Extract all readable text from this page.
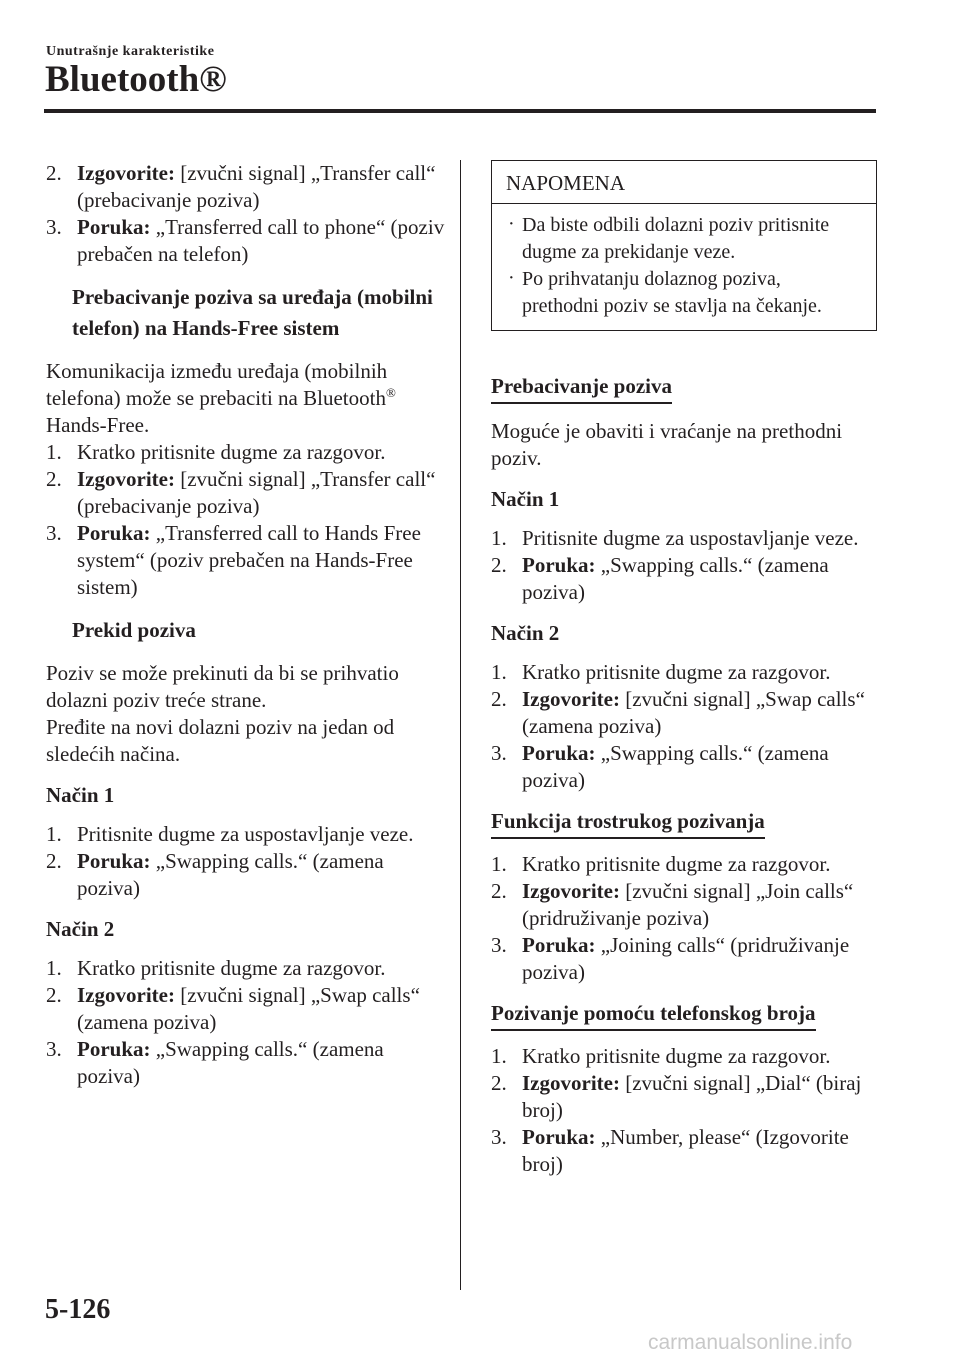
Unutrašnje karakteristike
Bluetooth®
2. Izgovorite: [zvučni signal] „Transfer call“ (prebacivanje poziva)
3. Poruka: „Transferred call to phone“ (poziv prebačen na telefon)
Prebacivanje poziva sa uređaja (mobilni telefon) na Hands-Free sistem
Komunikacija između uređaja (mobilnih telefona) može se prebaciti na Bluetooth® Hands-Free.
1. Kratko pritisnite dugme za razgovor.
2. Izgovorite: [zvučni signal] „Transfer call“ (prebacivanje poziva)
3. Poruka: „Transferred call to Hands Free system“ (poziv prebačen na Hands-Free sistem)
Prekid poziva
Poziv se može prekinuti da bi se prihvatio dolazni poziv treće strane.
Pređite na novi dolazni poziv na jedan od sledećih načina.
Način 1
1. Pritisnite dugme za uspostavljanje veze.
2. Poruka: „Swapping calls.“ (zamena poziva)
Način 2
1. Kratko pritisnite dugme za razgovor.
2. Izgovorite: [zvučni signal] „Swap calls“ (zamena poziva)
3. Poruka: „Swapping calls.“ (zamena poziva)
NAPOMENA
· Da biste odbili dolazni poziv pritisnite dugme za prekidanje veze.
· Po prihvatanju dolaznog poziva, prethodni poziv se stavlja na čekanje.
Prebacivanje poziva
Moguće je obaviti i vraćanje na prethodni poziv.
Način 1
1. Pritisnite dugme za uspostavljanje veze.
2. Poruka: „Swapping calls.“ (zamena poziva)
Način 2
1. Kratko pritisnite dugme za razgovor.
2. Izgovorite: [zvučni signal] „Swap calls“ (zamena poziva)
3. Poruka: „Swapping calls.“ (zamena poziva)
Funkcija trostrukog pozivanja
1. Kratko pritisnite dugme za razgovor.
2. Izgovorite: [zvučni signal] „Join calls“ (pridruživanje poziva)
3. Poruka: „Joining calls“ (pridruživanje poziva)
Pozivanje pomoću telefonskog broja
1. Kratko pritisnite dugme za razgovor.
2. Izgovorite: [zvučni signal] „Dial“ (biraj broj)
3. Poruka: „Number, please“ (Izgovorite broj)
5-126
carmanualsonline.info
